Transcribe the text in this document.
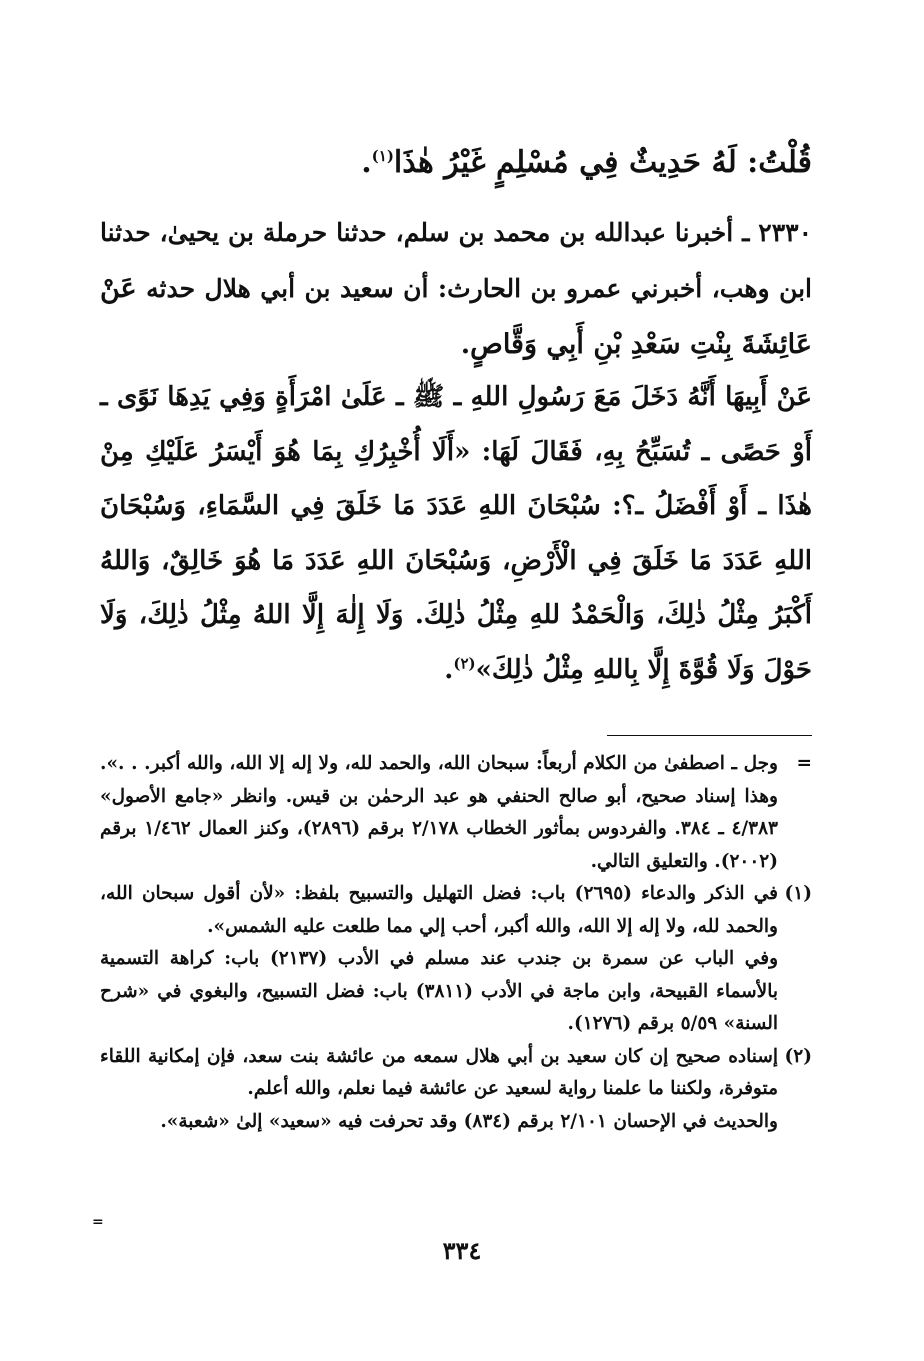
قُلْتُ: لَهُ حَدِيثٌ فِي مُسْلِمٍ غَيْرُ هٰذَا$^{(١)}$.
٢٣٣٠ ـ أخبرنا عبدالله بن محمد بن سلم، حدثنا حرملة بن يحيىٰ، حدثنا ابن وهب، أخبرني عمرو بن الحارث: أن سعيد بن أبي هلال حدثه عَنْ عَائِشَةَ بِنْتِ سَعْدِ بْنِ أَبِي وَقَّاصٍ.
عَنْ أَبِيهَا أَنَّهُ دَخَلَ مَعَ رَسُولِ اللهِ ـ ﷺ ـ عَلَىٰ امْرَأَةٍ وَفِي يَدِهَا نَوًى ـ أَوْ حَصًى ـ تُسَبِّحُ بِهِ، فَقَالَ لَهَا: «أَلَا أُخْبِرُكِ بِمَا هُوَ أَيْسَرُ عَلَيْكِ مِنْ هٰذَا ـ أَوْ أَفْضَلُ ـ؟: سُبْحَانَ اللهِ عَدَدَ مَا خَلَقَ فِي السَّمَاءِ، وَسُبْحَانَ اللهِ عَدَدَ مَا خَلَقَ فِي الْأَرْضِ، وَسُبْحَانَ اللهِ عَدَدَ مَا هُوَ خَالِقٌ، وَاللهُ أَكْبَرُ مِثْلُ ذٰلِكَ، وَالْحَمْدُ للهِ مِثْلُ ذٰلِكَ. وَلَا إِلٰهَ إِلَّا اللهُ مِثْلُ ذٰلِكَ، وَلَا حَوْلَ وَلَا قُوَّةَ إِلَّا بِاللهِ مِثْلُ ذٰلِكَ»$^{(٢)}$.
=

وجل ـ اصطفىٰ من الكلام أربعاً: سبحان الله، والحمد لله، ولا إله إلا الله، والله أكبر. . .». وهذا إسناد صحيح، أبو صالح الحنفي هو عبد الرحمٰن بن قيس. وانظر «جامع الأصول» ٤/٣٨٣ ـ ٣٨٤. والفردوس بمأثور الخطاب ٢/١٧٨ برقم (٢٨٩٦)، وكنز العمال ١/٤٦٢ برقم (٢٠٠٢). والتعليق التالي.

(١)

في الذكر والدعاء (٢٦٩٥) باب: فضل التهليل والتسبيح بلفظ: «لأن أقول سبحان الله، والحمد لله، ولا إله إلا الله، والله أكبر، أحب إلي مما طلعت عليه الشمس».

وفي الباب عن سمرة بن جندب عند مسلم في الأدب (٢١٣٧) باب: كراهة التسمية بالأسماء القبيحة، وابن ماجة في الأدب (٣٨١١) باب: فضل التسبيح، والبغوي في «شرح السنة» ٥/٥٩ برقم (١٢٧٦).

(٢)

إسناده صحيح إن كان سعيد بن أبي هلال سمعه من عائشة بنت سعد، فإن إمكانية اللقاء متوفرة، ولكننا ما علمنا رواية لسعيد عن عائشة فيما نعلم، والله أعلم.

والحديث في الإحسان ٢/١٠١ برقم (٨٣٤) وقد تحرفت فيه «سعيد» إلىٰ «شعبة».

=
٣٣٤
